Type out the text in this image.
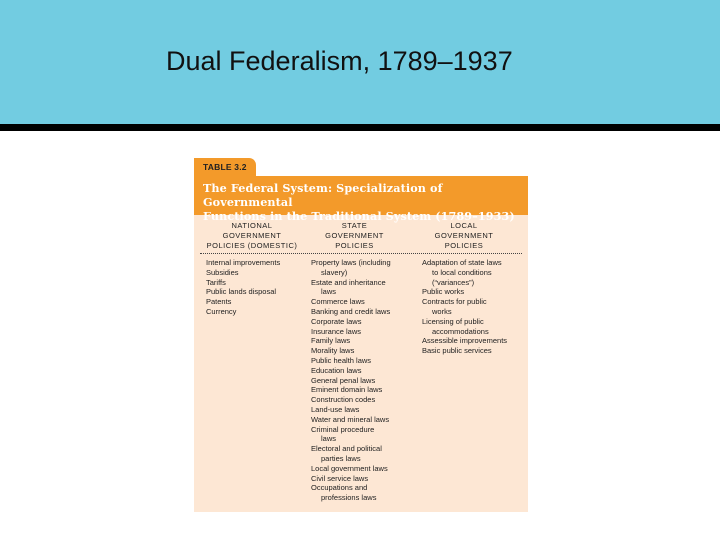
Dual Federalism, 1789–1937
TABLE 3.2
The Federal System: Specialization of Governmental
Functions in the Traditional System (1789–1933)
NATIONAL
GOVERNMENT
POLICIES (DOMESTIC)
STATE
GOVERNMENT
POLICIES
LOCAL
GOVERNMENT
POLICIES
Internal improvements
Subsidies
Tariffs
Public lands disposal
Patents
Currency
Property laws (including
slavery)
Estate and inheritance
laws
Commerce laws
Banking and credit laws
Corporate laws
Insurance laws
Family laws
Morality laws
Public health laws
Education laws
General penal laws
Eminent domain laws
Construction codes
Land-use laws
Water and mineral laws
Criminal procedure
laws
Electoral and political
parties laws
Local government laws
Civil service laws
Occupations and
professions laws
Adaptation of state laws
to local conditions
(“variances”)
Public works
Contracts for public
works
Licensing of public
accommodations
Assessible improvements
Basic public services
